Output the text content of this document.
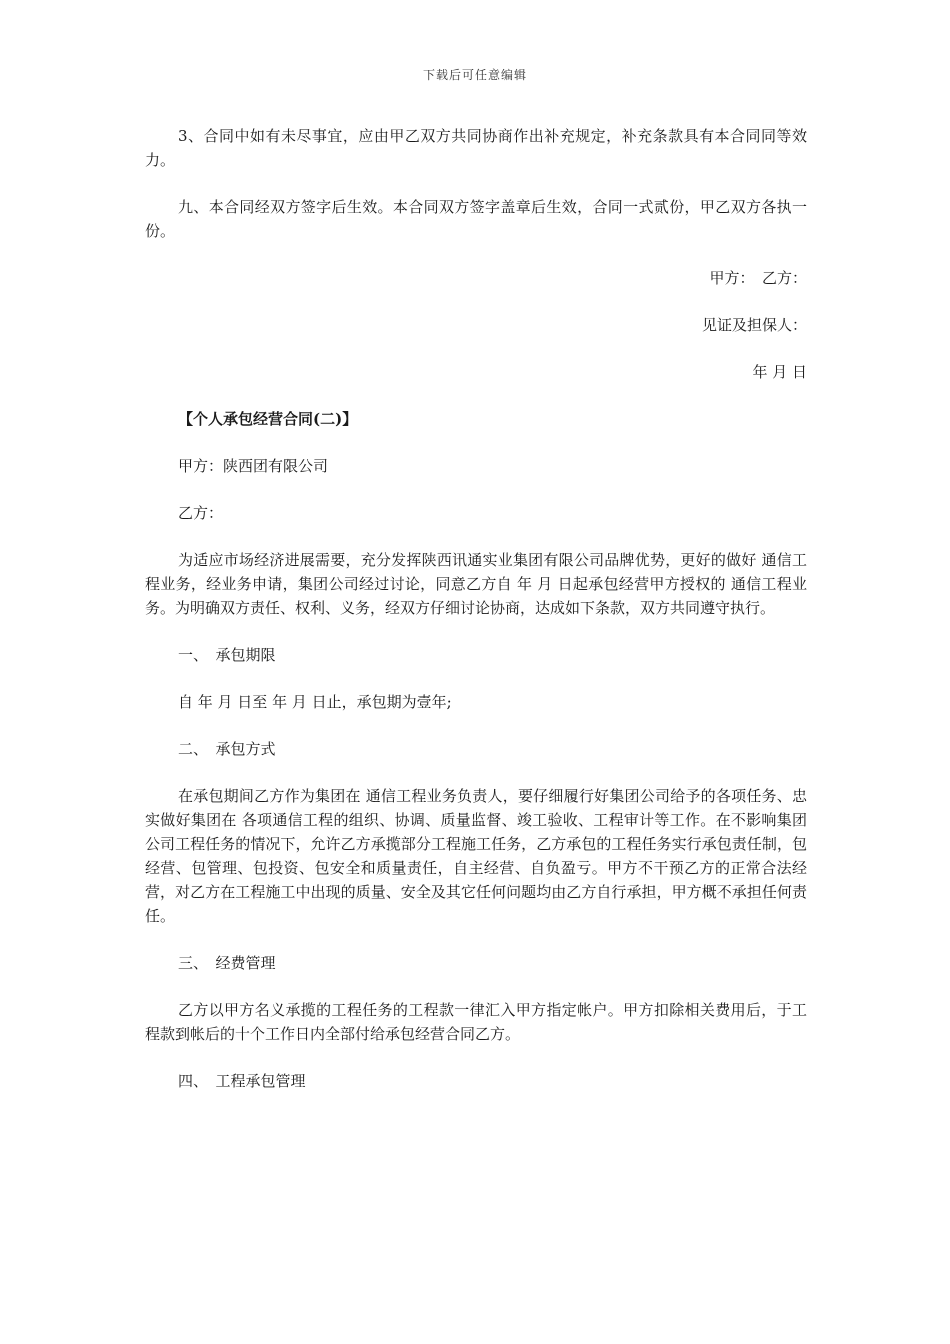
下载后可任意编辑

3、合同中如有未尽事宜，应由甲乙双方共同协商作出补充规定，补充条款具有本合同同等效力。

九、本合同经双方签字后生效。本合同双方签字盖章后生效，合同一式贰份，甲乙双方各执一份。

甲方：　乙方：

见证及担保人：

年 月 日

【个人承包经营合同(二)】

甲方：陕西团有限公司

乙方：

为适应市场经济进展需要，充分发挥陕西讯通实业集团有限公司品牌优势，更好的做好 通信工程业务，经业务申请，集团公司经过讨论，同意乙方自 年 月 日起承包经营甲方授权的 通信工程业务。为明确双方责任、权利、义务，经双方仔细讨论协商，达成如下条款，双方共同遵守执行。

一、　承包期限

自 年 月 日至 年 月 日止，承包期为壹年;

二、　承包方式

在承包期间乙方作为集团在 通信工程业务负责人，要仔细履行好集团公司给予的各项任务、忠实做好集团在 各项通信工程的组织、协调、质量监督、竣工验收、工程审计等工作。在不影响集团公司工程任务的情况下，允许乙方承揽部分工程施工任务，乙方承包的工程任务实行承包责任制，包经营、包管理、包投资、包安全和质量责任，自主经营、自负盈亏。甲方不干预乙方的正常合法经营，对乙方在工程施工中出现的质量、安全及其它任何问题均由乙方自行承担，甲方概不承担任何责任。

三、　经费管理

乙方以甲方名义承揽的工程任务的工程款一律汇入甲方指定帐户。甲方扣除相关费用后，于工程款到帐后的十个工作日内全部付给承包经营合同乙方。

四、　工程承包管理
